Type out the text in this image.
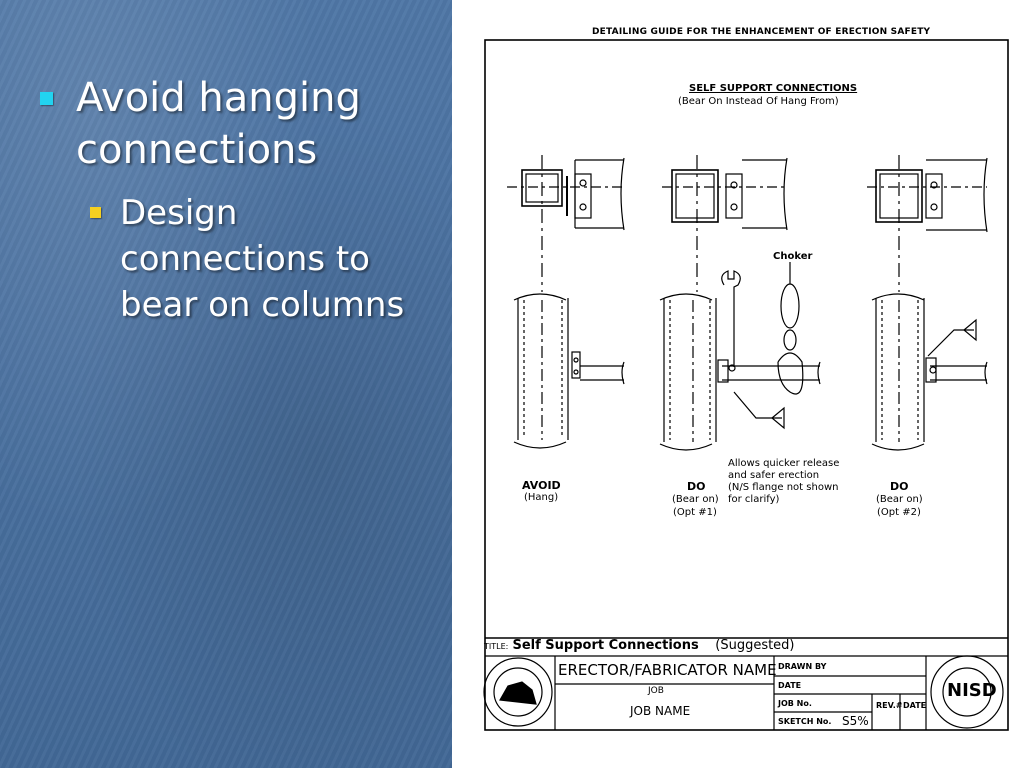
Avoid hanging connections
Design connections to bear on columns
DETAILING GUIDE FOR THE ENHANCEMENT OF ERECTION SAFETY
SELF SUPPORT CONNECTIONS
(Bear On Instead Of Hang From)
Choker
AVOID
(Hang)
DO
(Bear on)
(Opt #1)
DO
(Bear on)
(Opt #2)
Allows quicker release
and safer erection
(N/S flange not shown
for clarify)
TITLE: Self Support Connections (Suggested)
ERECTOR/FABRICATOR NAME
JOB
JOB NAME
DRAWN BY
DATE
JOB No.
SKETCH No. S5%
REV.# DATE
NISD
